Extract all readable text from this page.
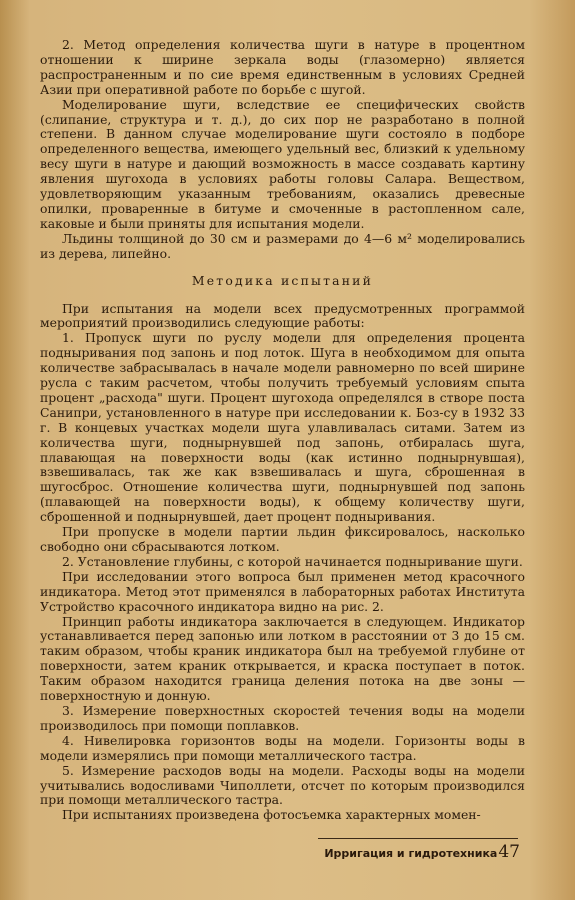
2. Метод определения количества шуги в натуре в процентном отношении к ширине зеркала воды (глазомерно) является распространенным и по сие время единственным в условиях Средней Азии при оперативной работе по борьбе с шугой.

Моделирование шуги, вследствие ее специфических свойств (слипание, структура и т. д.), до сих пор не разработано в полной степени. В данном случае моделирование шуги состояло в подборе определенного вещества, имеющего удельный вес, близкий к удельному весу шуги в натуре и дающий возможность в массе создавать картину явления шугохода в условиях работы головы Салара. Веществом, удовлетворяющим указанным требованиям, оказались древесные опилки, проваренные в битуме и смоченные в растопленном сале, каковые и были приняты для испытания модели.

Льдины толщиной до 30 см и размерами до 4—6 м² моделировались из дерева, липейно.

Методика испытаний

При испытания на модели всех предусмотренных программой мероприятий производились следующие работы:

1. Пропуск шуги по руслу модели для определения процента подныривания под запонь и под лоток. Шуга в необходимом для опыта количестве забрасывалась в начале модели равномерно по всей ширине русла с таким расчетом, чтобы получить требуемый условиям спыта процент „расхода" шуги. Процент шугохода определялся в створе поста Санипри, установленного в натуре при исследовании к. Боз-су в 1932 33 г. В концевых участках модели шуга улавливалась ситами. Затем из количества шуги, поднырнувшей под запонь, отбиралась шуга, плавающая на поверхности воды (как истинно поднырнувшая), взвешивалась, так же как взвешивалась и шуга, сброшенная в шугосброс. Отношение количества шуги, поднырнувшей под запонь (плавающей на поверхности воды), к общему количеству шуги, сброшенной и поднырнувшей, дает процент подныривания.

При пропуске в модели партии льдин фиксировалось, насколько свободно они сбрасываются лотком.

2. Установление глубины, с которой начинается подныривание шуги.

При исследовании этого вопроса был применен метод красочного индикатора. Метод этот применялся в лабораторных работах Института Устройство красочного индикатора видно на рис. 2.

Принцип работы индикатора заключается в следующем. Индикатор устанавливается перед запонью или лотком в расстоянии от 3 до 15 см. таким образом, чтобы краник индикатора был на требуемой глубине от поверхности, затем краник открывается, и краска поступает в поток. Таким образом находится граница деления потока на две зоны — поверхностную и донную.

3. Измерение поверхностных скоростей течения воды на модели производилось при помощи поплавков.

4. Нивелировка горизонтов воды на модели. Горизонты воды в модели измерялись при помощи металлического тастра.

5. Измерение расходов воды на модели. Расходы воды на модели учитывались водосливами Чиполлети, отсчет по которым производился при помощи металлического тастра.

При испытаниях произведена фотосъемка характерных момен-

Ирригация и гидротехника47
